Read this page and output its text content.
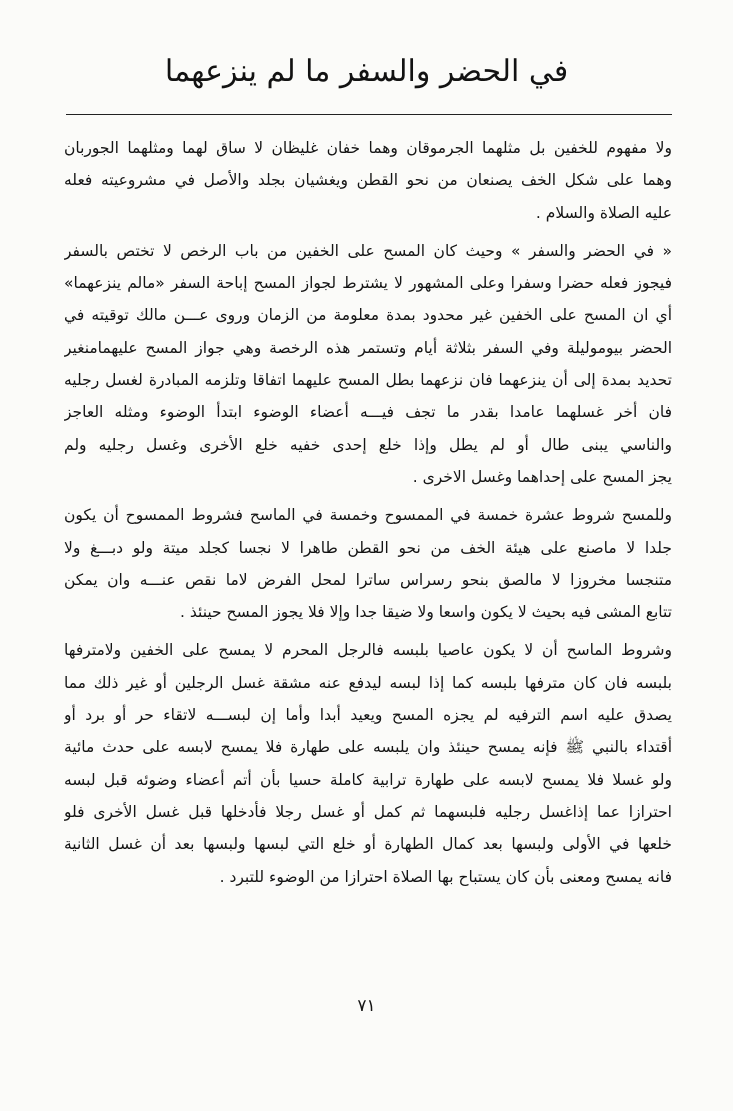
في الحضر والسفر ما لم ينزعهما
ولا مفهوم للخفين بل مثلهما الجرموقان وهما خفان غليظان لا ساق لهما ومثلهما الجوربان
وهما على شكل الخف يصنعان من نحو القطن ويغشيان بجلد والأصل في مشروعيته فعله
عليه الصلاة والسلام .
« في الحضر والسفر » وحيث كان المسح على الخفين من باب الرخص لا تختص بالسفر
فيجوز فعله حضرا وسفرا وعلى المشهور لا يشترط لجواز المسح إباحة السفر «مالم ينزعهما»
أي ان المسح على الخفين غير محدود بمدة معلومة من الزمان وروى عـــن مالك توقيته في
الحضر بيوموليلة وفي السفر بثلاثة أيام وتستمر هذه الرخصة وهي جواز المسح عليهمامنغير
تحديد بمدة إلى أن ينزعهما فان نزعهما بطل المسح عليهما اتفاقا وتلزمه المبادرة لغسل رجليه
فان أخر غسلهما عامدا بقدر ما تجف فيـــه أعضاء الوضوء ابتدأ الوضوء ومثله العاجز
والناسي يبنى طال أو لم يطل وإذا خلع إحدى خفيه خلع الأخرى وغسل رجليه ولم
يجز المسح على إحداهما وغسل الاخرى .
وللمسح شروط عشرة خمسة في الممسوح وخمسة في الماسح فشروط الممسوح أن يكون
جلدا لا ماصنع على هيئة الخف من نحو القطن طاهرا لا نجسا كجلد ميتة ولو دبـــغ ولا
متنجسا مخروزا لا مالصق بنحو رسراس ساترا لمحل الفرض لاما نقص عنـــه وان يمكن
تتابع المشى فيه بحيث لا يكون واسعا ولا ضيقا جدا وإلا فلا يجوز المسح حينئذ .
وشروط الماسح أن لا يكون عاصيا بلبسه فالرجل المحرم لا يمسح على الخفين ولامترفها
بلبسه فان كان مترفها بلبسه كما إذا لبسه ليدفع عنه مشقة غسل الرجلين أو غير ذلك مما
يصدق عليه اسم الترفيه لم يجزه المسح ويعيد أبدا وأما إن لبســـه لاتقاء حر أو برد أو
أقتداء بالنبي ﷺ فإنه يمسح حينئذ وان يلبسه على طهارة فلا يمسح لابسه على حدث مائية
ولو غسلا فلا يمسح لابسه على طهارة ترابية كاملة حسيا بأن أتم أعضاء وضوئه قبل لبسه
احترازا عما إذاغسل رجليه فلبسهما ثم كمل أو غسل رجلا فأدخلها قبل غسل الأخرى فلو
خلعها في الأولى ولبسها بعد كمال الطهارة أو خلع التي لبسها ولبسها بعد أن غسل الثانية
فانه يمسح ومعنى بأن كان يستباح بها الصلاة احترازا من الوضوء للتبرد .
٧١
